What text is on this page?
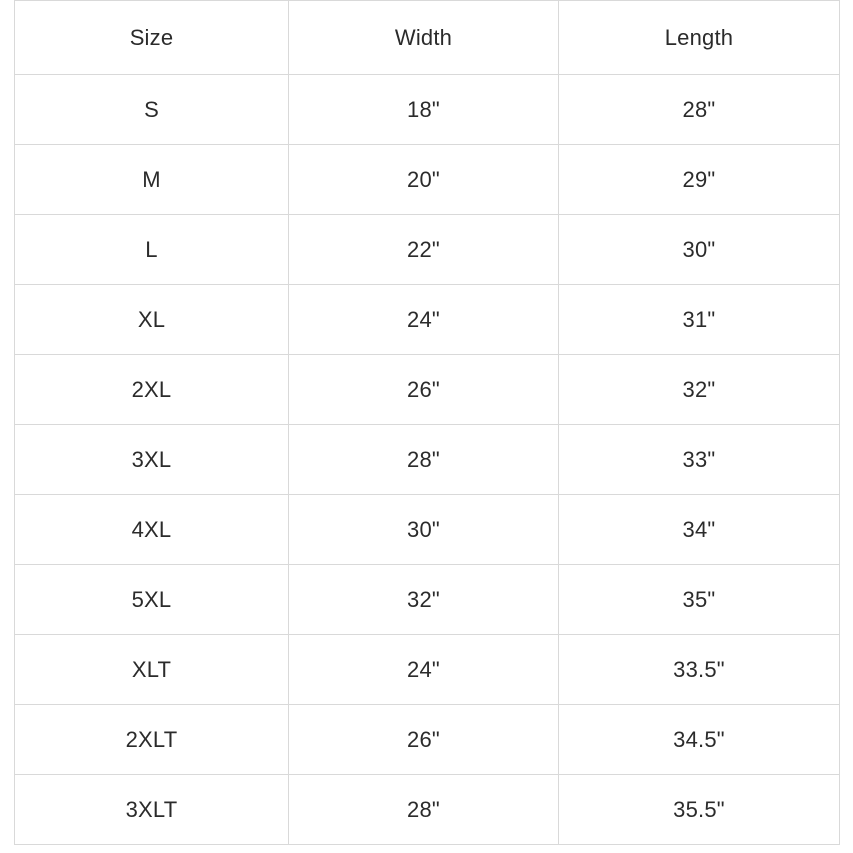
Size	Width	Length
S	18"	28"
M	20"	29"
L	22"	30"
XL	24"	31"
2XL	26"	32"
3XL	28"	33"
4XL	30"	34"
5XL	32"	35"
XLT	24"	33.5"
2XLT	26"	34.5"
3XLT	28"	35.5"
